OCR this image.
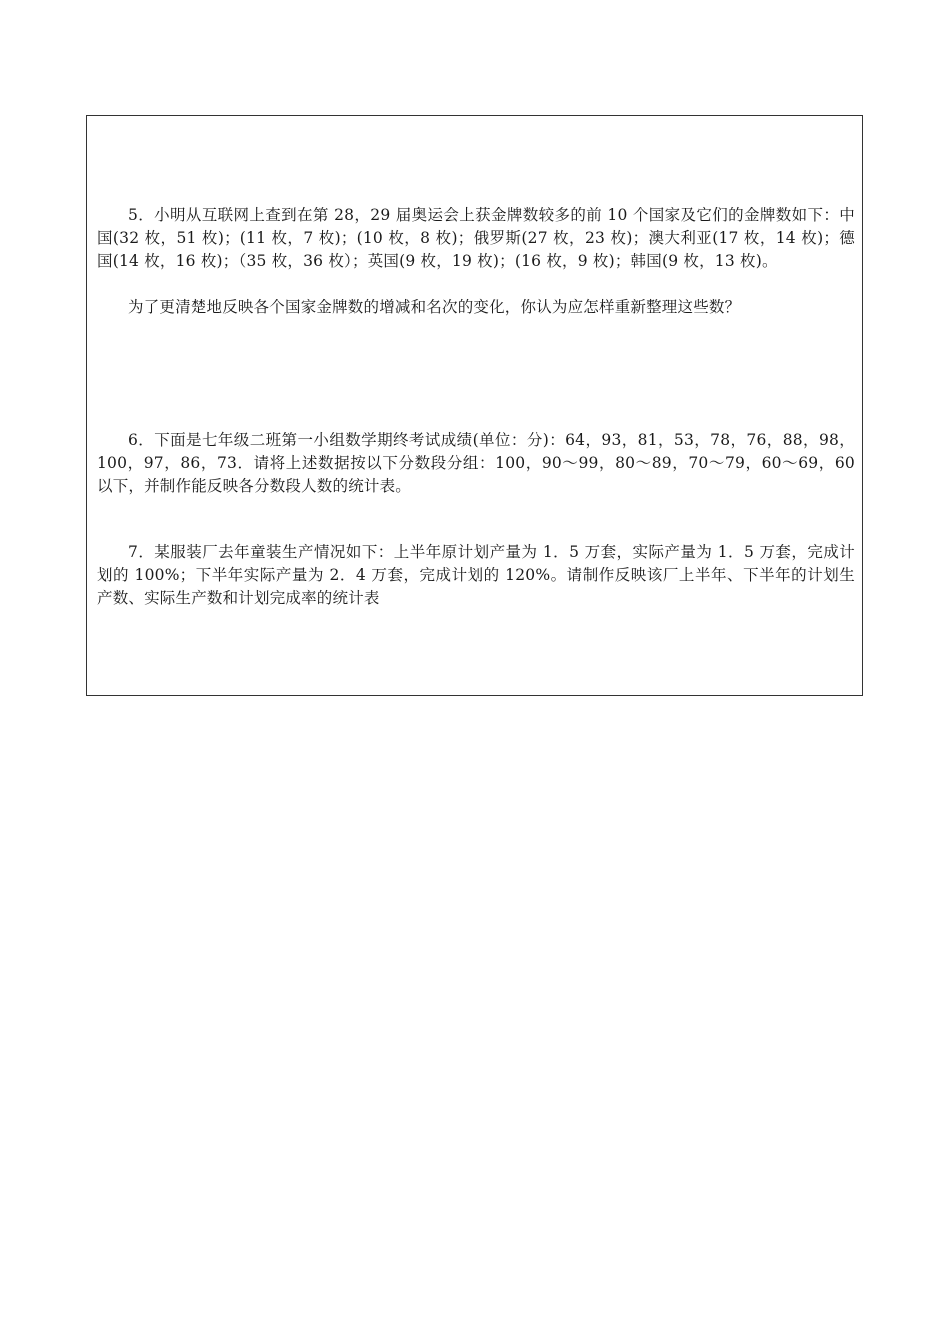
5．小明从互联网上查到在第 28，29 届奥运会上获金牌数较多的前 10 个国家及它们的金牌数如下：中国(32 枚，51 枚)；(11 枚，7 枚)；(10 枚，8 枚)；俄罗斯(27 枚，23 枚)；澳大利亚(17 枚，14 枚)；德国(14 枚，16 枚)；（35 枚，36 枚）；英国(9 枚，19 枚)；(16 枚，9 枚)；韩国(9 枚，13 枚)。
为了更清楚地反映各个国家金牌数的增减和名次的变化，你认为应怎样重新整理这些数？
6．下面是七年级二班第一小组数学期终考试成绩(单位：分)：64，93，81，53，78，76，88，98，100，97，86，73．请将上述数据按以下分数段分组：100，90～99，80～89，70～79，60～69，60 以下，并制作能反映各分数段人数的统计表。
7．某服装厂去年童装生产情况如下：上半年原计划产量为 1．5 万套，实际产量为 1．5 万套，完成计划的 100%；下半年实际产量为 2．4 万套，完成计划的 120%。请制作反映该厂上半年、下半年的计划生产数、实际生产数和计划完成率的统计表
